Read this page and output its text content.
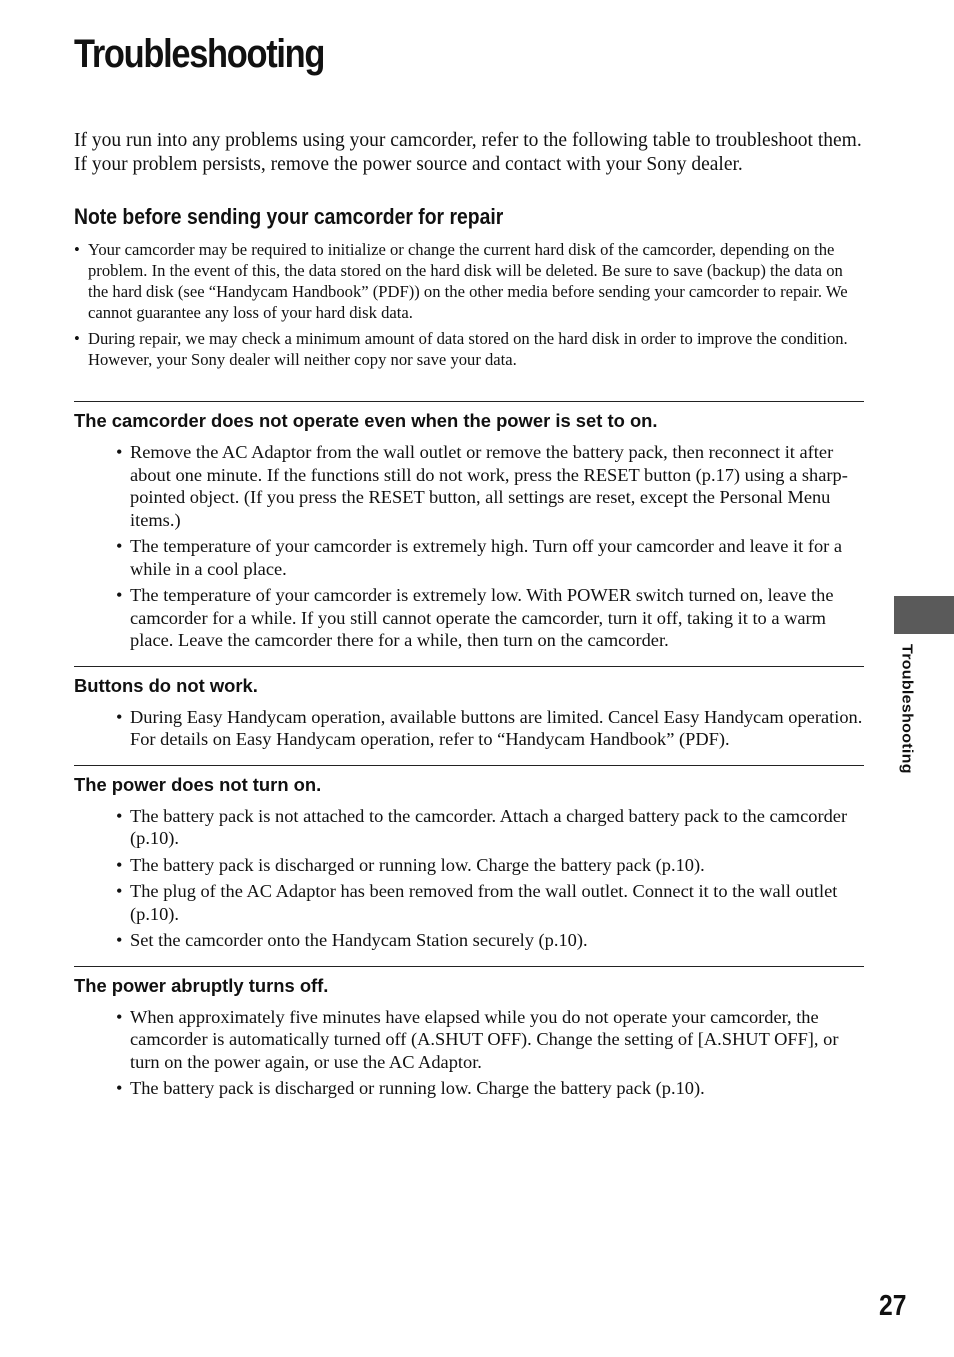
Troubleshooting

If you run into any problems using your camcorder, refer to the following table to troubleshoot them. If your problem persists, remove the power source and contact with your Sony dealer.

Note before sending your camcorder for repair
• Your camcorder may be required to initialize or change the current hard disk of the camcorder, depending on the problem. In the event of this, the data stored on the hard disk will be deleted. Be sure to save (backup) the data on the hard disk (see “Handycam Handbook” (PDF)) on the other media before sending your camcorder to repair. We cannot guarantee any loss of your hard disk data.
• During repair, we may check a minimum amount of data stored on the hard disk in order to improve the condition. However, your Sony dealer will neither copy nor save your data.
The camcorder does not operate even when the power is set to on.
• Remove the AC Adaptor from the wall outlet or remove the battery pack, then reconnect it after about one minute. If the functions still do not work, press the RESET button (p.17) using a sharp-pointed object. (If you press the RESET button, all settings are reset, except the Personal Menu items.)
• The temperature of your camcorder is extremely high. Turn off your camcorder and leave it for a while in a cool place.
• The temperature of your camcorder is extremely low. With POWER switch turned on, leave the camcorder for a while. If you still cannot operate the camcorder, turn it off, taking it to a warm place. Leave the camcorder there for a while, then turn on the camcorder.
Buttons do not work.
• During Easy Handycam operation, available buttons are limited. Cancel Easy Handycam operation. For details on Easy Handycam operation, refer to “Handycam Handbook” (PDF).
The power does not turn on.
• The battery pack is not attached to the camcorder. Attach a charged battery pack to the camcorder (p.10).
• The battery pack is discharged or running low. Charge the battery pack (p.10).
• The plug of the AC Adaptor has been removed from the wall outlet. Connect it to the wall outlet (p.10).
• Set the camcorder onto the Handycam Station securely (p.10).
The power abruptly turns off.
• When approximately five minutes have elapsed while you do not operate your camcorder, the camcorder is automatically turned off (A.SHUT OFF). Change the setting of [A.SHUT OFF], or turn on the power again, or use the AC Adaptor.
• The battery pack is discharged or running low. Charge the battery pack (p.10).
Troubleshooting
27
